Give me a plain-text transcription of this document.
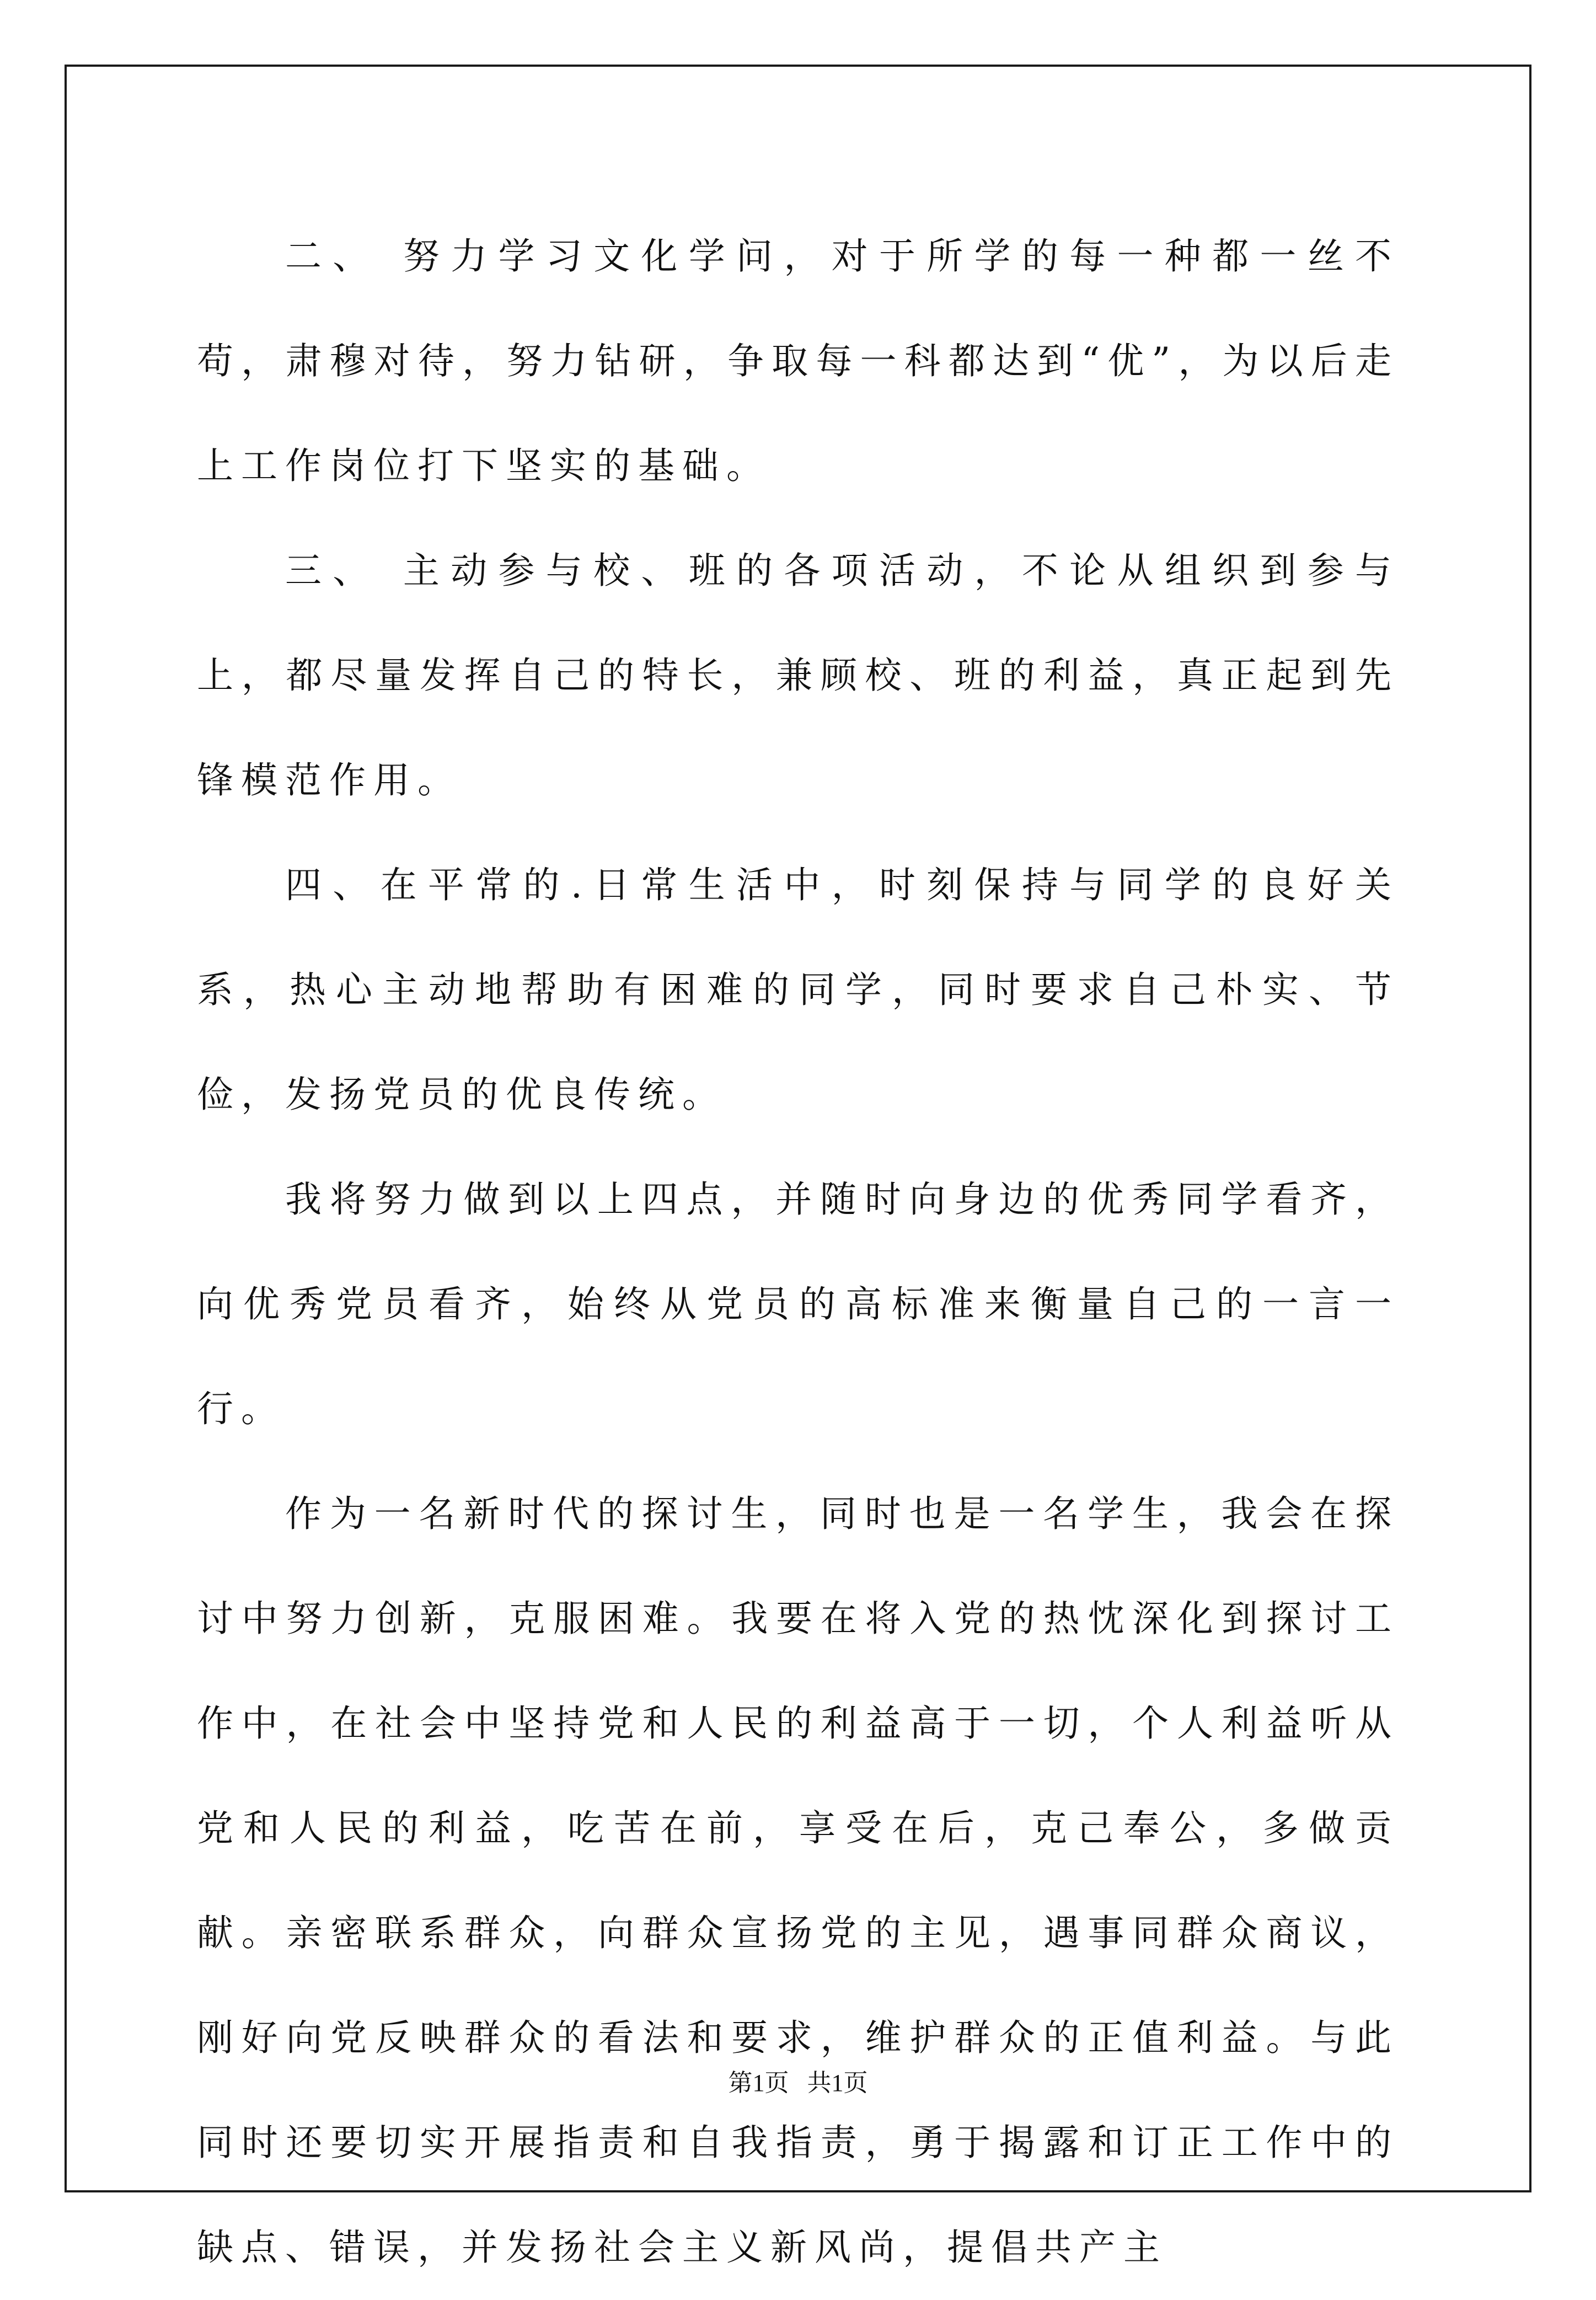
二、 努力学习文化学问，对于所学的每一种都一丝不苟，肃穆对待，努力钻研，争取每一科都达到“优”，为以后走上工作岗位打下坚实的基础。

三、 主动参与校、班的各项活动，不论从组织到参与上，都尽量发挥自己的特长，兼顾校、班的利益，真正起到先锋模范作用。

四、在平常的.日常生活中，时刻保持与同学的良好关系，热心主动地帮助有困难的同学，同时要求自己朴实、节俭，发扬党员的优良传统。

我将努力做到以上四点，并随时向身边的优秀同学看齐，向优秀党员看齐，始终从党员的高标准来衡量自己的一言一行。

作为一名新时代的探讨生，同时也是一名学生，我会在探讨中努力创新，克服困难。我要在将入党的热忱深化到探讨工作中，在社会中坚持党和人民的利益高于一切，个人利益听从党和人民的利益，吃苦在前，享受在后，克己奉公，多做贡献。亲密联系群众，向群众宣扬党的主见，遇事同群众商议，刚好向党反映群众的看法和要求，维护群众的正值利益。与此同时还要切实开展指责和自我指责，勇于揭露和订正工作中的缺点、错误，并发扬社会主义新风尚，提倡共产主

第1页   共1页
